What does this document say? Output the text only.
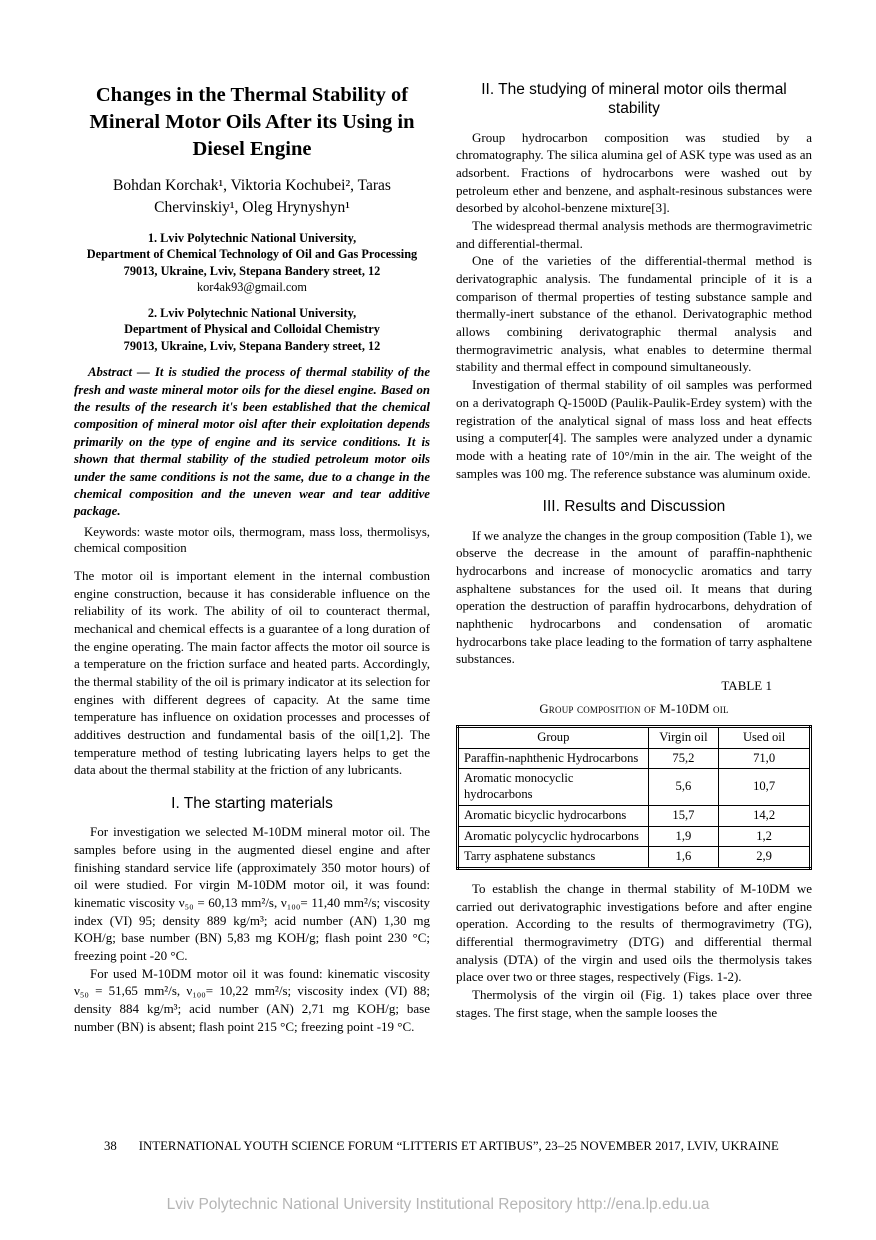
Changes in the Thermal Stability of Mineral Motor Oils After its Using in Diesel Engine
Bohdan Korchak¹, Viktoria Kochubei², Taras Chervinskiy¹, Oleg Hrynyshyn¹
1. Lviv Polytechnic National University,
Department of Chemical Technology of Oil and Gas Processing
79013, Ukraine, Lviv, Stepana Bandery street, 12
kor4ak93@gmail.com
2. Lviv Polytechnic National University,
Department of Physical and Colloidal Chemistry
79013, Ukraine, Lviv, Stepana Bandery street, 12

Abstract — It is studied the process of thermal stability of the fresh and waste mineral motor oils for the diesel engine. Based on the results of the research it's been established that the chemical composition of mineral motor oisl after their exploitation depends primarily on the type of engine and its service conditions. It is shown that thermal stability of the studied petroleum motor oils under the same conditions is not the same, due to a change in the chemical composition and the uneven wear and tear additive package.

Keywords: waste motor oils, thermogram, mass loss, thermolisys, chemical composition

The motor oil is important element in the internal combustion engine construction, because it has considerable influence on the reliability of its work. The ability of oil to counteract thermal, mechanical and chemical effects is a guarantee of a long duration of the engine operating. The main factor affects the motor oil source is a temperature on the friction surface and heated parts. Accordingly, the thermal stability of the oil is primary indicator at its selection for engines with different degrees of capacity. At the same time temperature has influence on oxidation processes and processes of additives destruction and fundamental basis of the oil[1,2]. The temperature method of testing lubricating layers helps to get the data about the thermal stability at the friction of any lubricants.

I. The starting materials

For investigation we selected M-10DM mineral motor oil. The samples before using in the augmented diesel engine and after finishing standard service life (approximately 350 motor hours) of oil were studied. For virgin M-10DM motor oil, it was found: kinematic viscosity ν₅₀ = 60,13 mm²/s, ν₁₀₀= 11,40 mm²/s; viscosity index (VI) 95; density 889 kg/m³; acid number (AN) 1,30 mg KOH/g; base number (BN) 5,83 mg KOH/g; flash point 230 °C; freezing point -20 °C.

For used M-10DM motor oil it was found: kinematic viscosity ν₅₀ = 51,65 mm²/s, ν₁₀₀= 10,22 mm²/s; viscosity index (VI) 88; density 884 kg/m³; acid number (AN) 2,71 mg KOH/g; base number (BN) is absent; flash point 215 °C; freezing point -19 °C.

II. The studying of mineral motor oils thermal stability

Group hydrocarbon composition was studied by a chromatography. The silica alumina gel of ASK type was used as an adsorbent. Fractions of hydrocarbons were washed out by petroleum ether and benzene, and asphalt-resinous substances were desorbed by alcohol-benzene mixture[3].

The widespread thermal analysis methods are thermogravimetric and differential-thermal.

One of the varieties of the differential-thermal method is derivatographic analysis. The fundamental principle of it is a comparison of thermal properties of testing substance sample and thermally-inert substance of the ethanol. Derivatographic method allows combining derivatographic thermal analysis and thermogravimetric analysis, what enables to determine thermal stability and thermal effect in compound simultaneously.

Investigation of thermal stability of oil samples was performed on a derivatograph Q-1500D (Paulik-Paulik-Erdey system) with the registration of the analytical signal of mass loss and heat effects using a computer[4]. The samples were analyzed under a dynamic mode with a heating rate of 10°/min in the air. The weight of the samples was 100 mg. The reference substance was aluminum oxide.

III. Results and Discussion

If we analyze the changes in the group composition (Table 1), we observe the decrease in the amount of paraffin-naphthenic hydrocarbons and increase of monocyclic aromatics and tarry asphaltene substances for the used oil. It means that during operation the destruction of paraffin hydrocarbons, dehydration of naphthenic hydrocarbons and condensation of aromatic hydrocarbons take place leading to the formation of tarry asphaltene substances.

TABLE 1
Group composition of M-10DM oil
Group	Virgin oil	Used oil
Paraffin-naphthenic Hydrocarbons	75,2	71,0
Aromatic monocyclic hydrocarbons	5,6	10,7
Aromatic bicyclic hydrocarbons	15,7	14,2
Aromatic polycyclic hydrocarbons	1,9	1,2
Tarry asphatene substancs	1,6	2,9

To establish the change in thermal stability of M-10DM we carried out derivatographic investigations before and after engine operation. According to the results of thermogravimetry (TG), differential thermogravimetry (DTG) and differential thermal analysis (DTA) of the virgin and used oils the thermolysis takes place over two or three stages, respectively (Figs. 1-2).

Thermolysis of the virgin oil (Fig. 1) takes place over three stages. The first stage, when the sample looses the

38 INTERNATIONAL YOUTH SCIENCE FORUM “LITTERIS ET ARTIBUS”, 23–25 NOVEMBER 2017, LVIV, UKRAINE
Lviv Polytechnic National University Institutional Repository http://ena.lp.edu.ua
